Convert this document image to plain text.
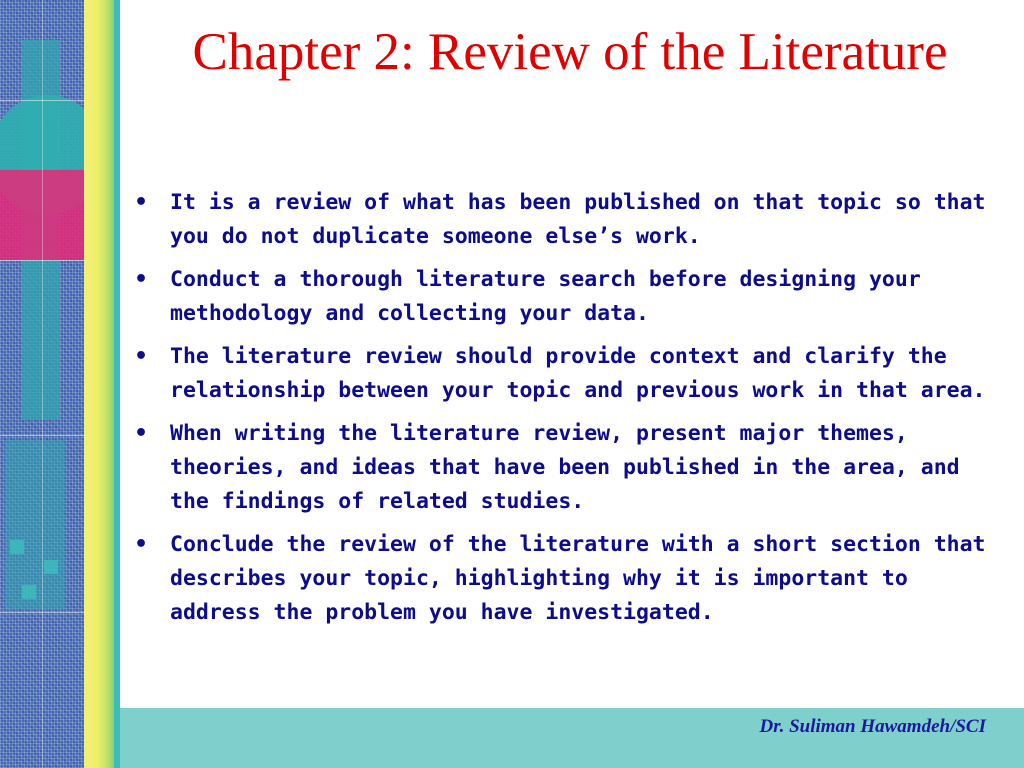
Chapter 2: Review of the Literature
• It is a review of what has been published on that topic so that you do not duplicate someone else’s work.
• Conduct a thorough literature search before designing your methodology and collecting your data.
• The literature review should provide context and clarify the relationship between your topic and previous work in that area.
• When writing the literature review, present major themes, theories, and ideas that have been published in the area, and the findings of related studies.
• Conclude the review of the literature with a short section that describes your topic, highlighting why it is important to address the problem you have investigated.
Dr. Suliman Hawamdeh/SCI
